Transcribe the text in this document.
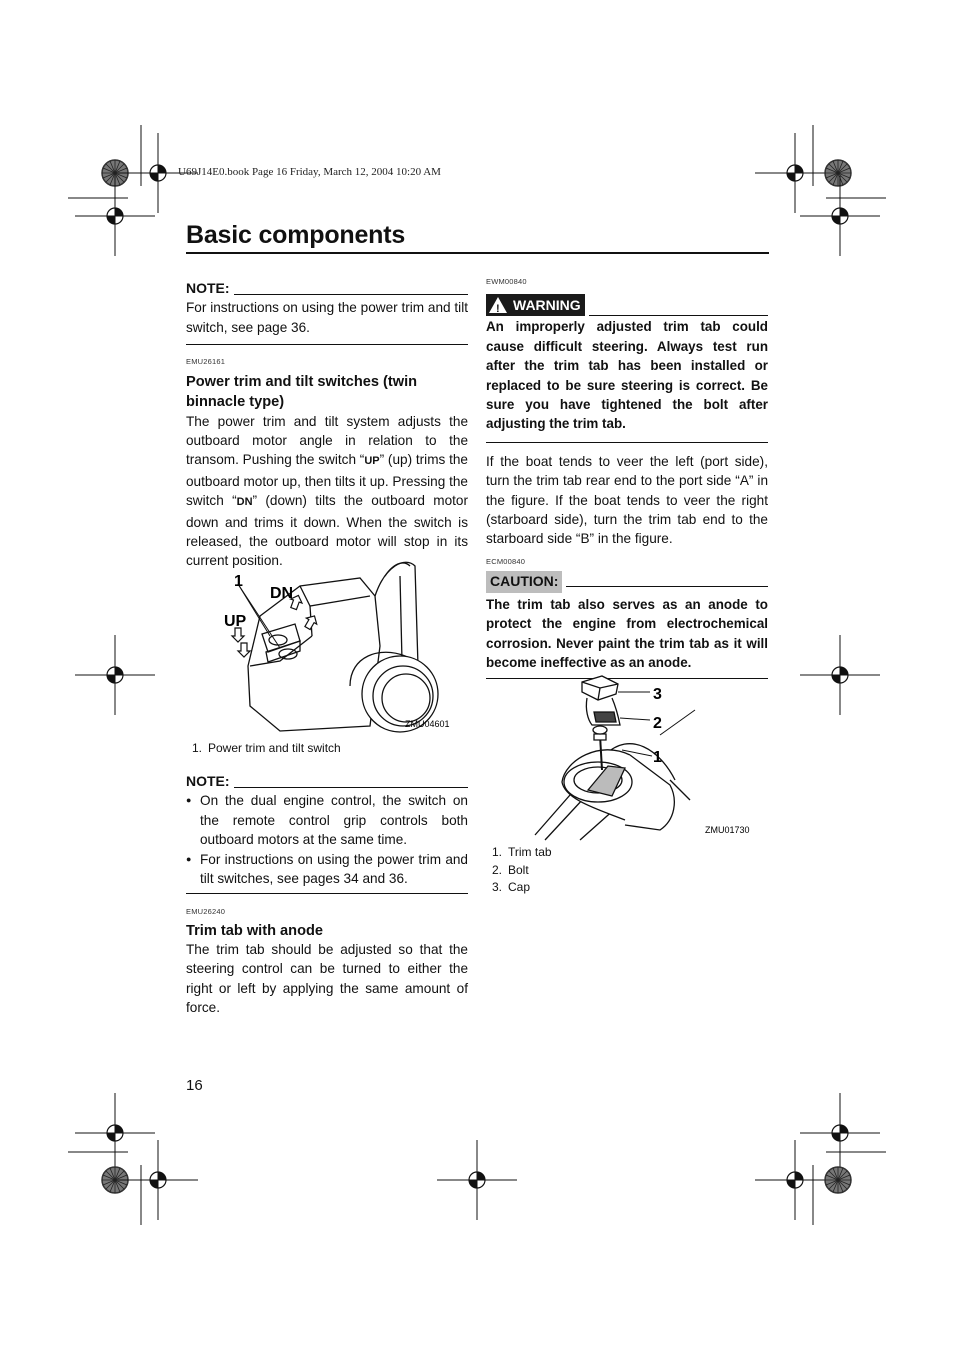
U69J14E0.book Page 16 Friday, March 12, 2004 10:20 AM
Basic components
NOTE:

For instructions on using the power trim and tilt switch, see page 36.

EMU26161
Power trim and tilt switches (twin binnacle type)

The power trim and tilt system adjusts the outboard motor angle in relation to the transom. Pushing the switch “UP” (up) trims the outboard motor up, then tilts it up. Pressing the switch “DN” (down) tilts the outboard motor down and trims it down. When the switch is released, the outboard motor will stop in its current position.

1
DN
UP
ZMU04601
1. Power trim and tilt switch
NOTE:
● On the dual engine control, the switch on the remote control grip controls both outboard motors at the same time.
● For instructions on using the power trim and tilt switches, see pages 34 and 36.
EMU26240
Trim tab with anode

The trim tab should be adjusted so that the steering control can be turned to either the right or left by applying the same amount of force.

EWM00840
! WARNING

An improperly adjusted trim tab could cause difficult steering. Always test run after the trim tab has been installed or replaced to be sure steering is correct. Be sure you have tightened the bolt after adjusting the trim tab.

If the boat tends to veer the left (port side), turn the trim tab rear end to the port side “A” in the figure. If the boat tends to veer the right (starboard side), turn the trim tab end to the starboard side “B” in the figure.

ECM00840
CAUTION:

The trim tab also serves as an anode to protect the engine from electrochemical corrosion. Never paint the trim tab as it will become ineffective as an anode.

3
2
1
ZMU01730
1. Trim tab
2. Bolt
3. Cap
16
